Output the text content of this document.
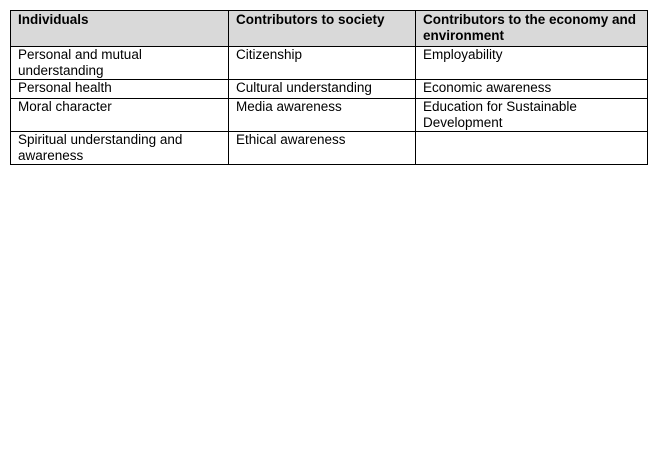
Individuals	Contributors to society	Contributors to the economy and environment
Personal and mutual understanding	Citizenship	Employability
Personal health	Cultural understanding	Economic awareness
Moral character	Media awareness	Education for Sustainable Development
Spiritual understanding and awareness	Ethical awareness	
